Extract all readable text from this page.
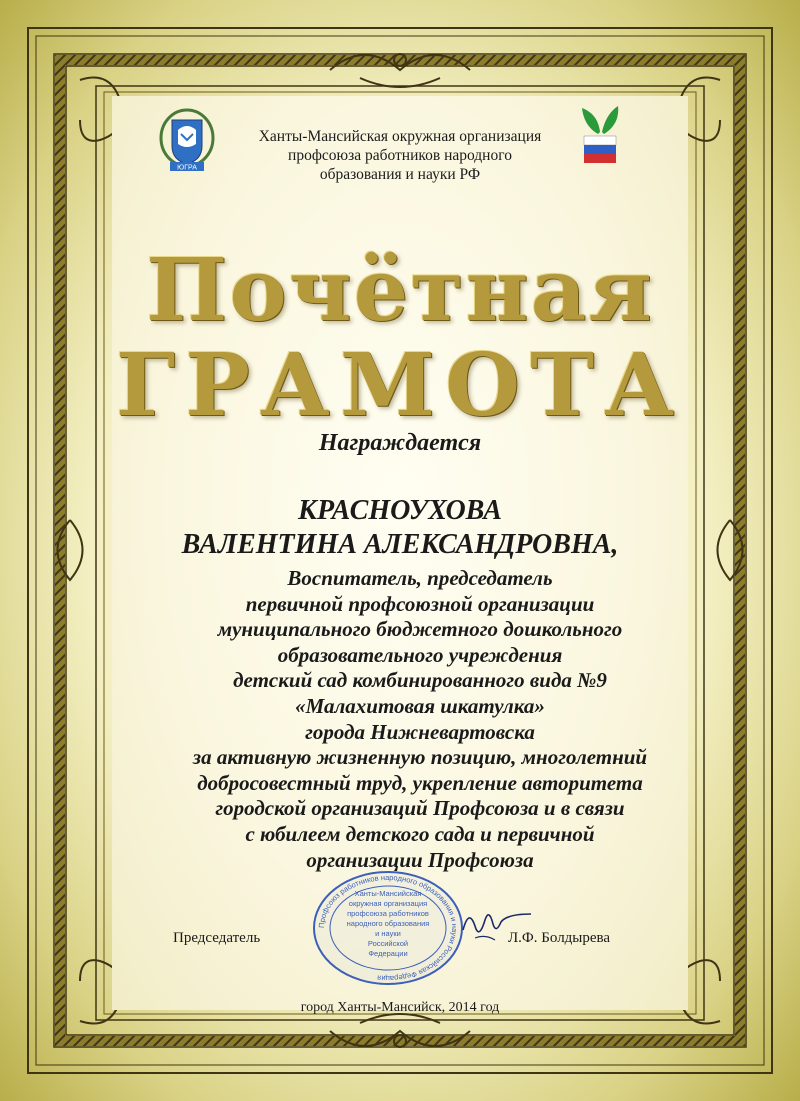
ЮГРА
Ханты-Мансийская окружная организация
профсоюза работников народного
образования и науки РФ
Почётная
ГРАМОТА
Награждается
КРАСНОУХОВА
ВАЛЕНТИНА АЛЕКСАНДРОВНА,
Воспитатель, председатель
первичной профсоюзной организации
муниципального бюджетного дошкольного
образовательного учреждения
детский сад комбинированного вида №9
«Малахитовая шкатулка»
города Нижневартовска
за активную жизненную позицию, многолетний
добросовестный труд, укрепление авторитета
городской организаций Профсоюза и в связи
с юбилеем детского сада и первичной
организации Профсоюза
Профсоюз работников народного образования и науки Российская Федерация
Ханты-Мансийская
окружная организация
профсоюза работников
народного образования
и науки
Российской
Федерации
Председатель	Л.Ф. Болдырева
город Ханты-Мансийск, 2014 год
